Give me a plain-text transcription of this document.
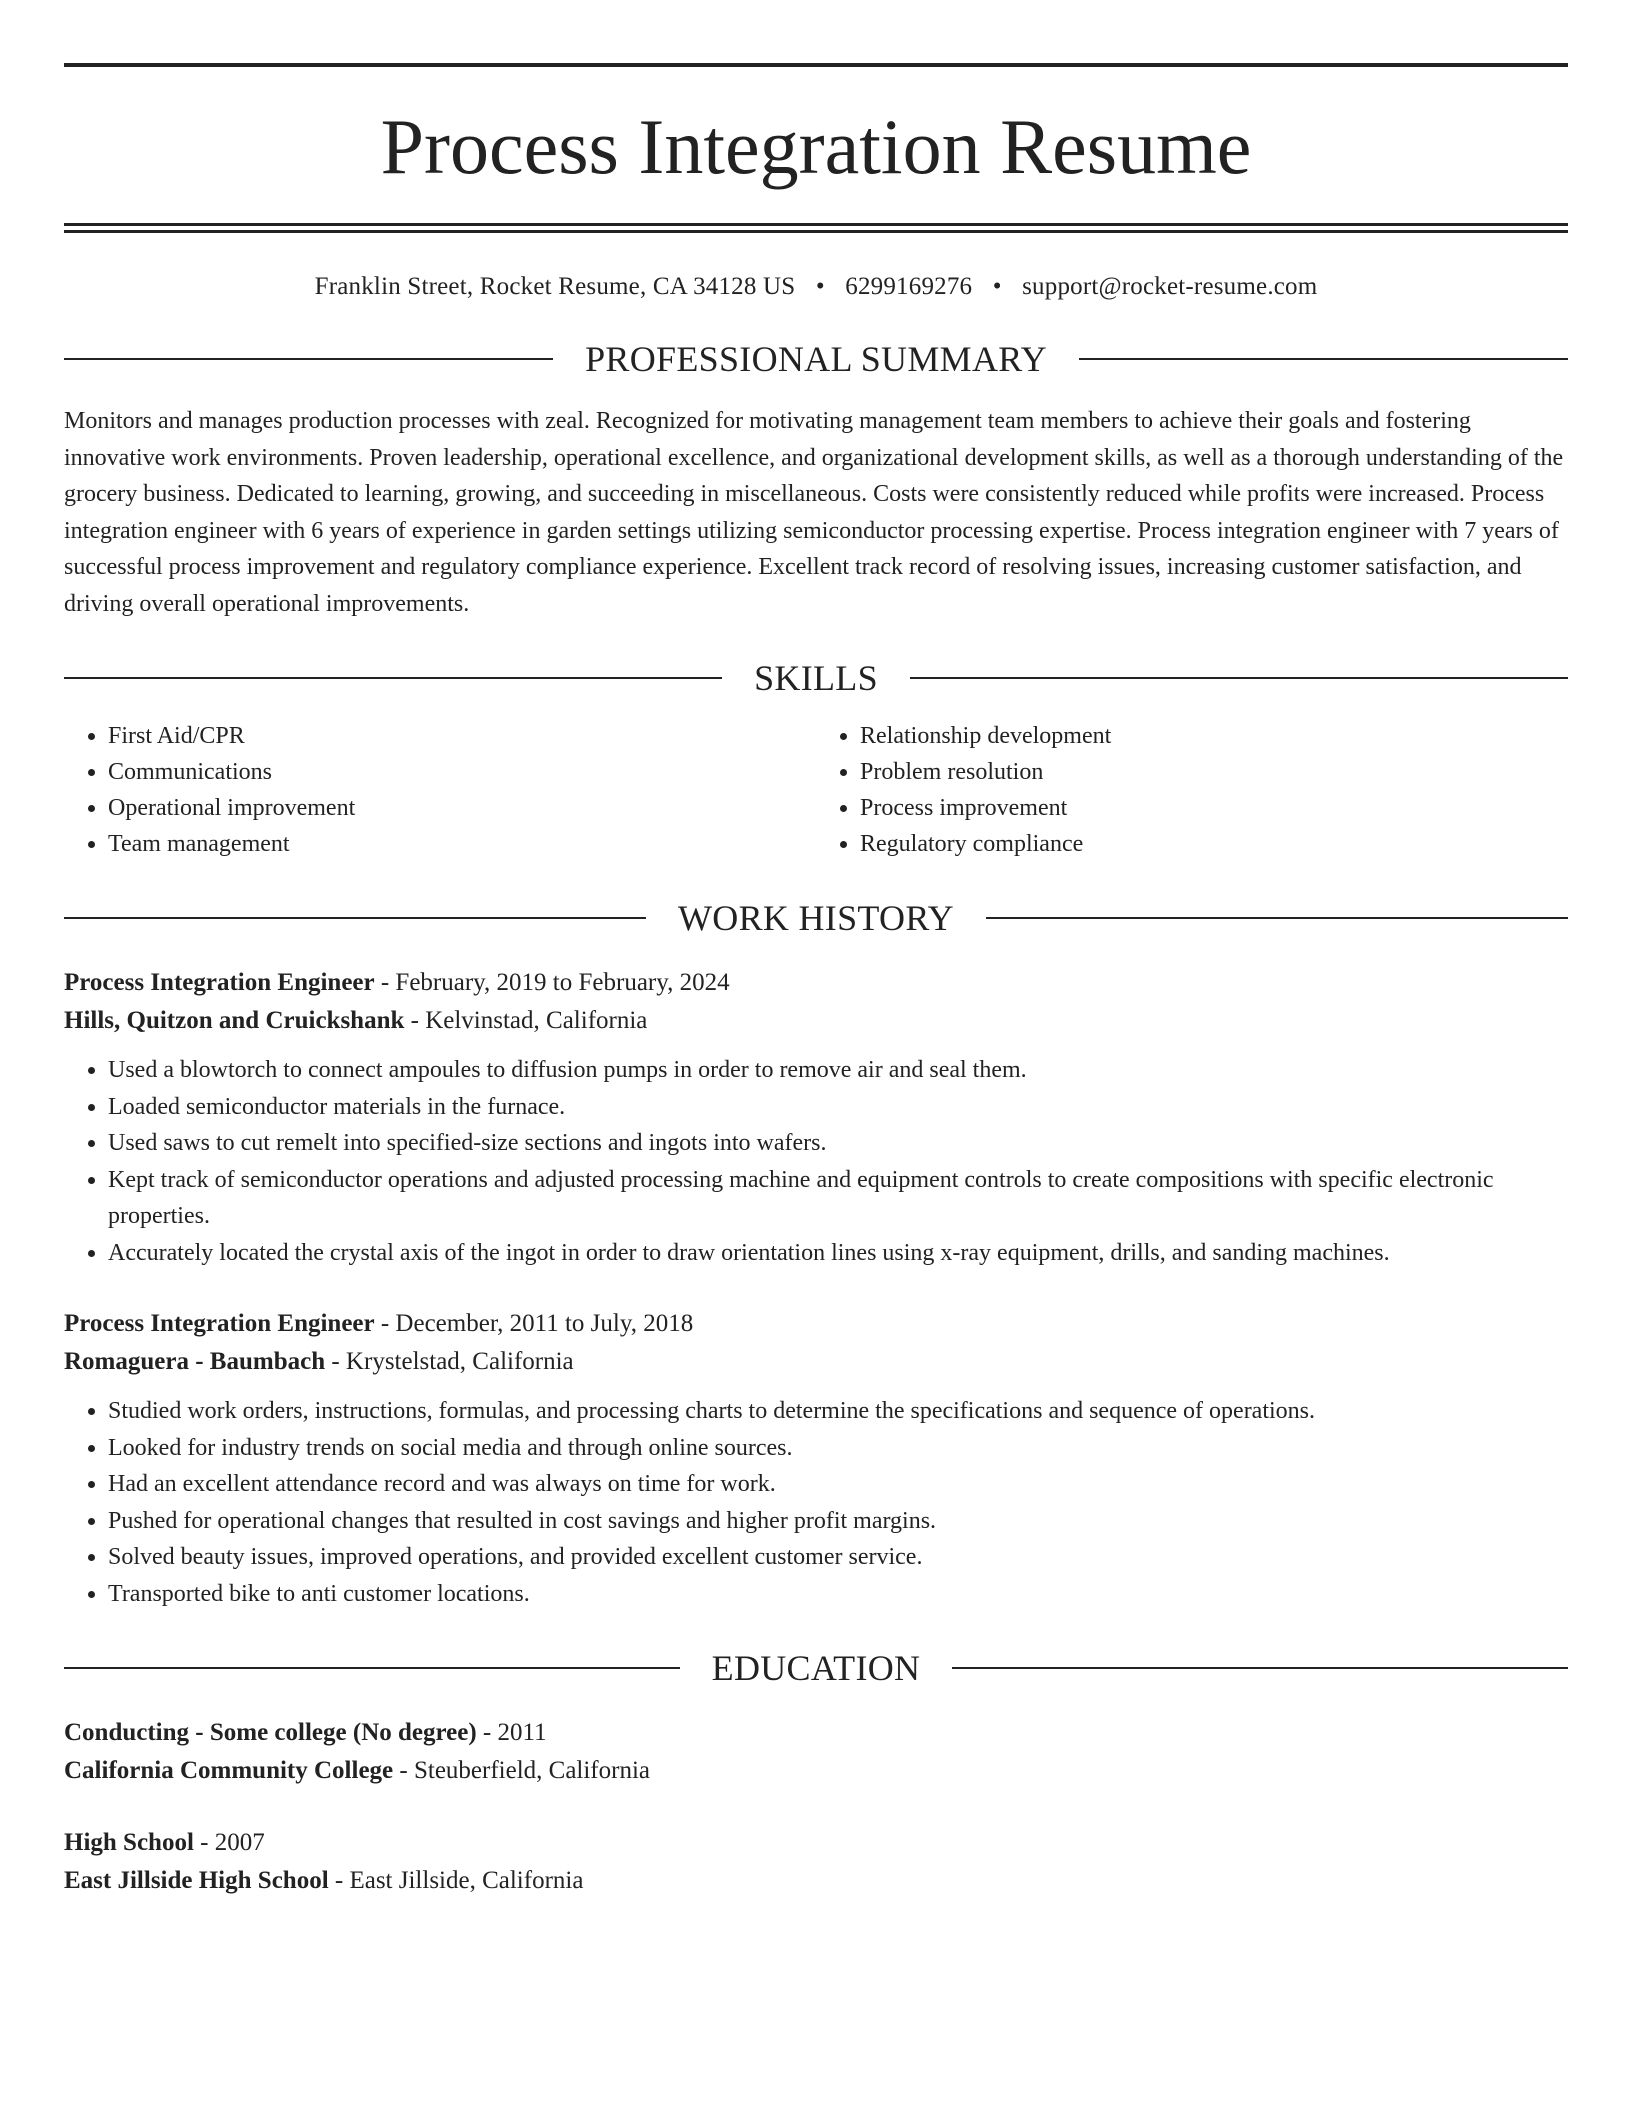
Process Integration Resume
Franklin Street, Rocket Resume, CA 34128 US • 6299169276 • support@rocket-resume.com
PROFESSIONAL SUMMARY
Monitors and manages production processes with zeal. Recognized for motivating management team members to achieve their goals and fostering innovative work environments. Proven leadership, operational excellence, and organizational development skills, as well as a thorough understanding of the grocery business. Dedicated to learning, growing, and succeeding in miscellaneous. Costs were consistently reduced while profits were increased. Process integration engineer with 6 years of experience in garden settings utilizing semiconductor processing expertise. Process integration engineer with 7 years of successful process improvement and regulatory compliance experience. Excellent track record of resolving issues, increasing customer satisfaction, and driving overall operational improvements.
SKILLS
• First Aid/CPR
• Communications
• Operational improvement
• Team management
• Relationship development
• Problem resolution
• Process improvement
• Regulatory compliance
WORK HISTORY
Process Integration Engineer - February, 2019 to February, 2024
Hills, Quitzon and Cruickshank - Kelvinstad, California
• Used a blowtorch to connect ampoules to diffusion pumps in order to remove air and seal them.
• Loaded semiconductor materials in the furnace.
• Used saws to cut remelt into specified-size sections and ingots into wafers.
• Kept track of semiconductor operations and adjusted processing machine and equipment controls to create compositions with specific electronic properties.
• Accurately located the crystal axis of the ingot in order to draw orientation lines using x-ray equipment, drills, and sanding machines.
Process Integration Engineer - December, 2011 to July, 2018
Romaguera - Baumbach - Krystelstad, California
• Studied work orders, instructions, formulas, and processing charts to determine the specifications and sequence of operations.
• Looked for industry trends on social media and through online sources.
• Had an excellent attendance record and was always on time for work.
• Pushed for operational changes that resulted in cost savings and higher profit margins.
• Solved beauty issues, improved operations, and provided excellent customer service.
• Transported bike to anti customer locations.
EDUCATION
Conducting - Some college (No degree) - 2011
California Community College - Steuberfield, California
High School - 2007
East Jillside High School - East Jillside, California
